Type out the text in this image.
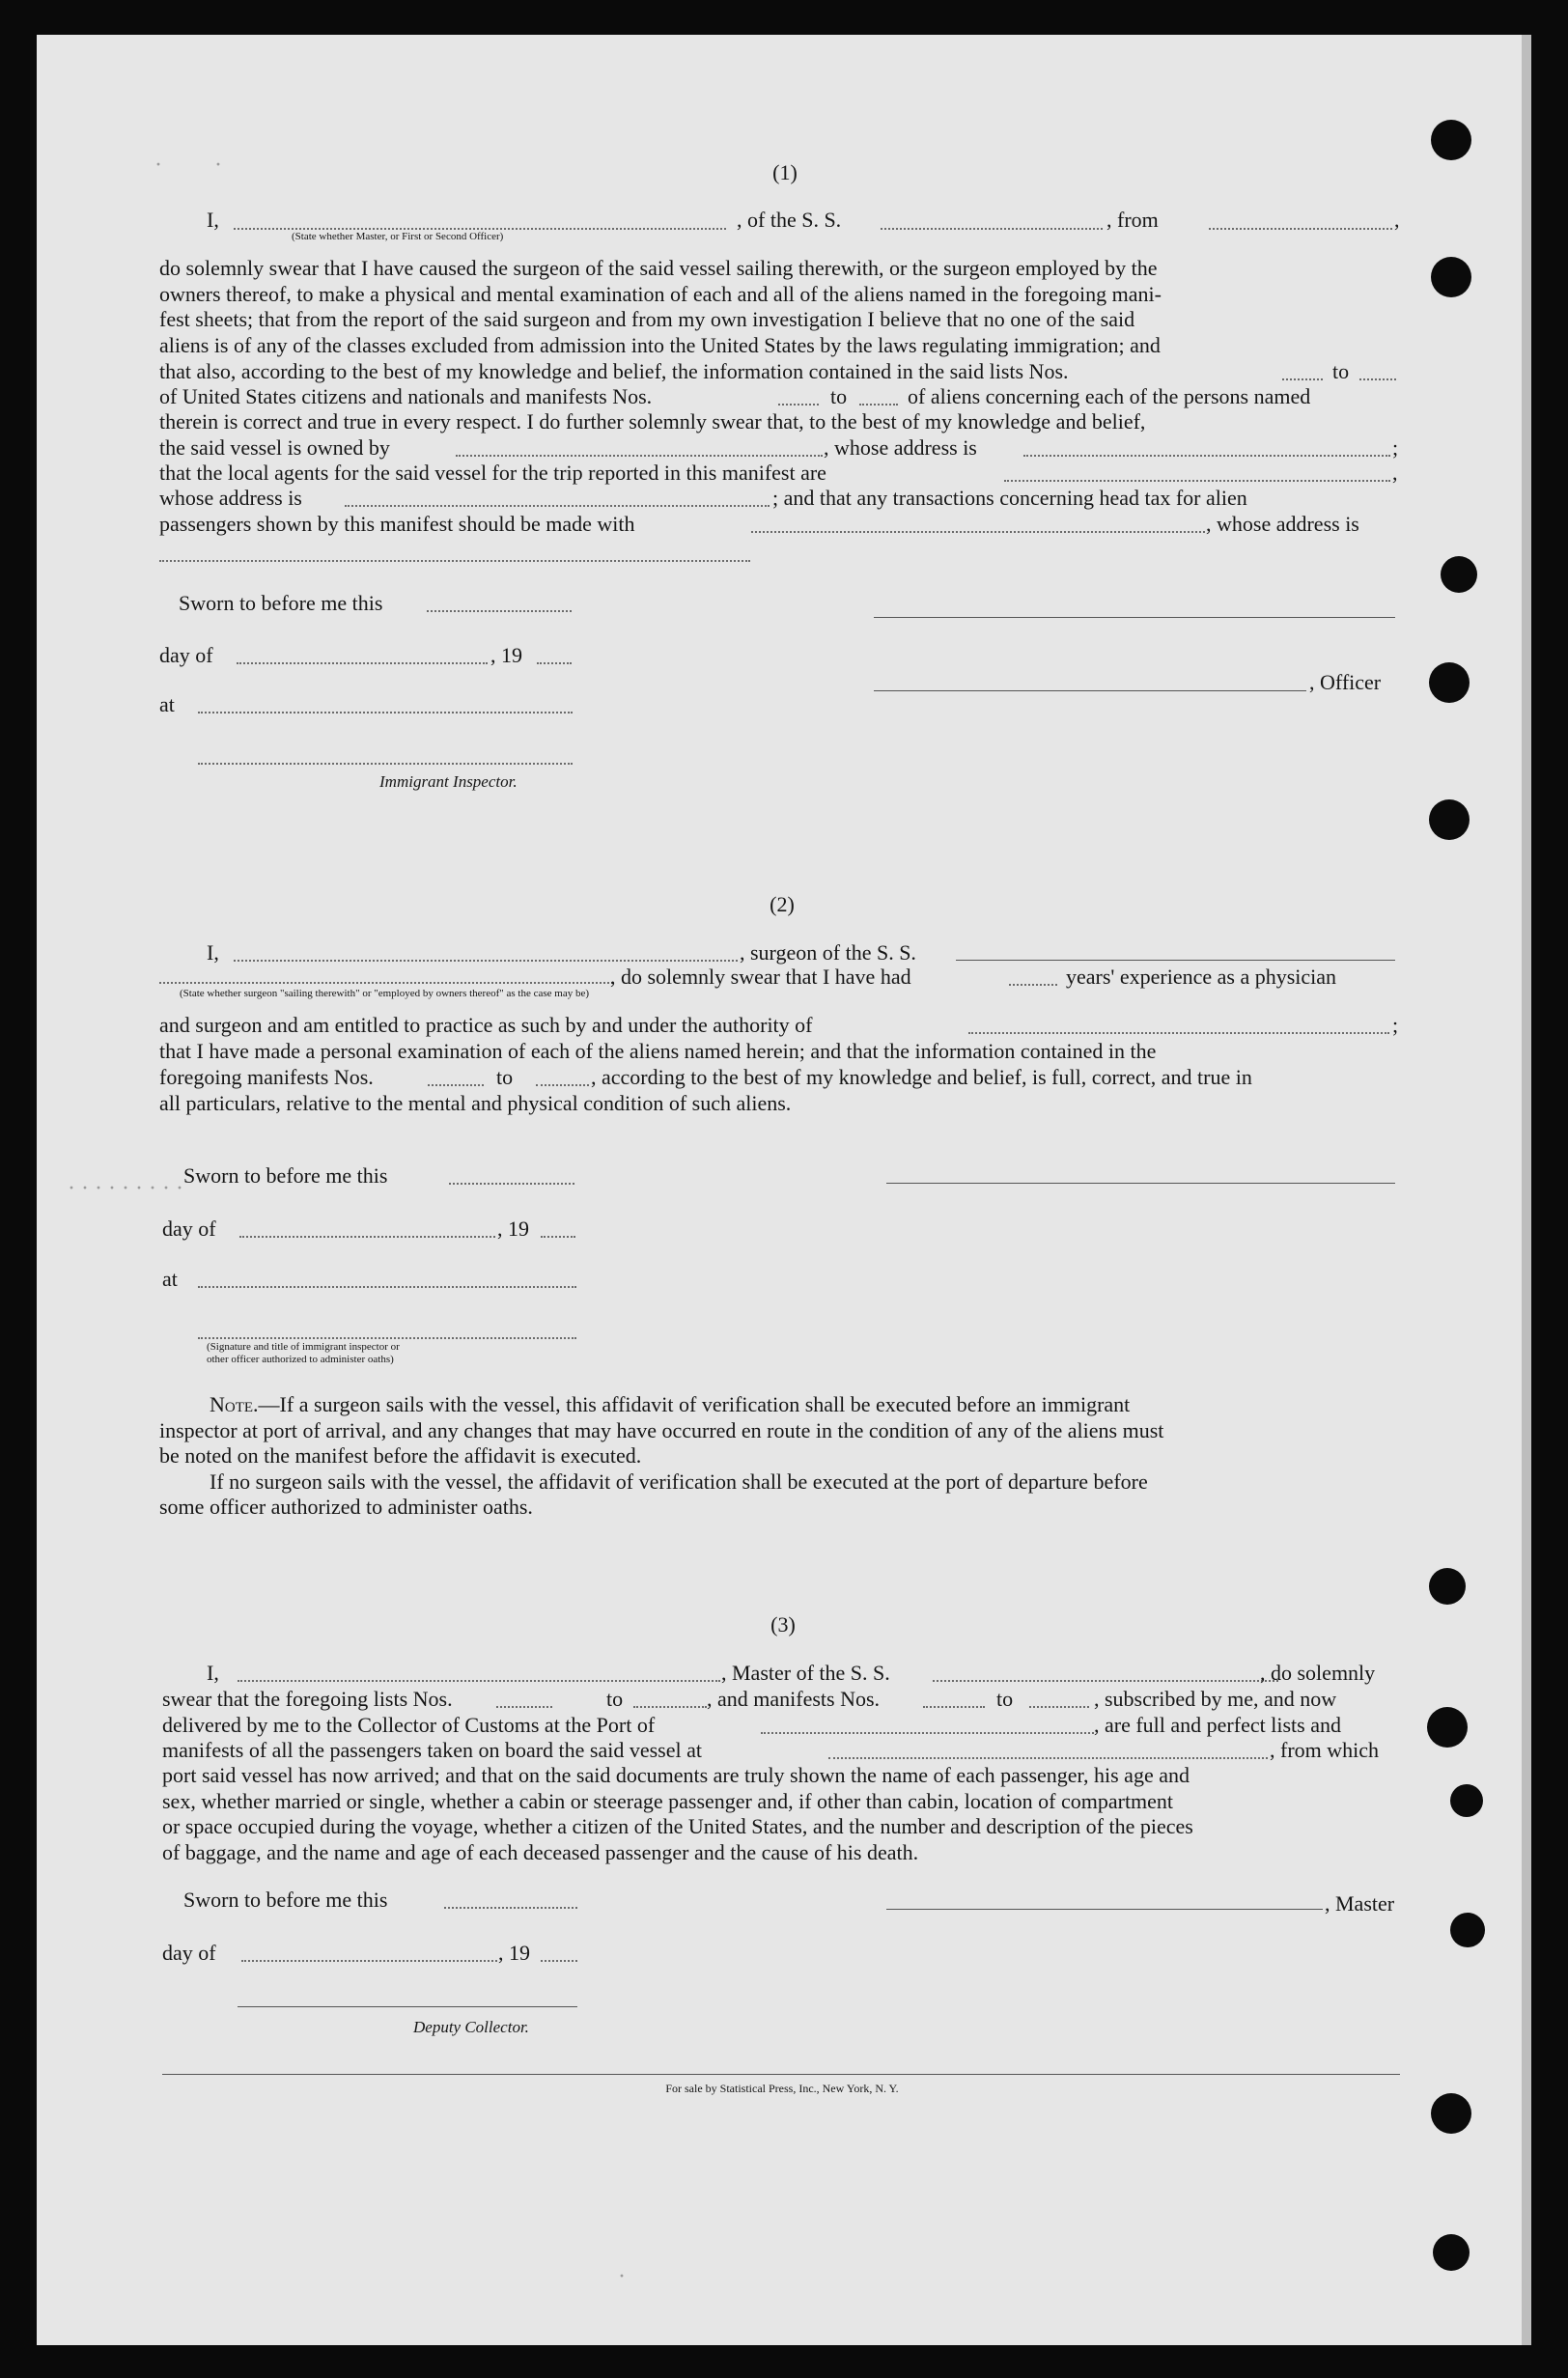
·         ·
·
· · · · · · · · ·
(1)
I,	, of the S. S.	, from	,
(State whether Master, or First or Second Officer)
do solemnly swear that I have caused the surgeon of the said vessel sailing therewith, or the surgeon employed by the
owners thereof, to make a physical and mental examination of each and all of the aliens named in the foregoing mani-
fest sheets; that from the report of the said surgeon and from my own investigation I believe that no one of the said
aliens is of any of the classes excluded from admission into the United States by the laws regulating immigration; and
that also, according to the best of my knowledge and belief, the information contained in the said lists Nos.	to
of United States citizens and nationals and manifests Nos.	to	of aliens concerning each of the persons named
therein is correct and true in every respect. I do further solemnly swear that, to the best of my knowledge and belief,
the said vessel is owned by	, whose address is	;
that the local agents for the said vessel for the trip reported in this manifest are	,
whose address is	; and that any transactions concerning head tax for alien
passengers shown by this manifest should be made with	, whose address is
Sworn to before me this
day of	, 19
, Officer
at
Immigrant Inspector.
(2)
I,	, surgeon of the S. S.
, do solemnly swear that I have had	years' experience as a physician
(State whether surgeon "sailing therewith" or "employed by owners thereof" as the case may be)
and surgeon and am entitled to practice as such by and under the authority of	;
that I have made a personal examination of each of the aliens named herein; and that the information contained in the
foregoing manifests Nos.	to	, according to the best of my knowledge and belief, is full, correct, and true in
all particulars, relative to the mental and physical condition of such aliens.
Sworn to before me this
day of	, 19
at
(Signature and title of immigrant inspector or
other officer authorized to administer oaths)
Note.—If a surgeon sails with the vessel, this affidavit of verification shall be executed before an immigrant
inspector at port of arrival, and any changes that may have occurred en route in the condition of any of the aliens must
be noted on the manifest before the affidavit is executed.
If no surgeon sails with the vessel, the affidavit of verification shall be executed at the port of departure before
some officer authorized to administer oaths.
(3)
I,	, Master of the S. S.	, do solemnly
swear that the foregoing lists Nos.	to	, and manifests Nos.	to	, subscribed by me, and now
delivered by me to the Collector of Customs at the Port of	, are full and perfect lists and
manifests of all the passengers taken on board the said vessel at	, from which
port said vessel has now arrived; and that on the said documents are truly shown the name of each passenger, his age and
sex, whether married or single, whether a cabin or steerage passenger and, if other than cabin, location of compartment
or space occupied during the voyage, whether a citizen of the United States, and the number and description of the pieces
of baggage, and the name and age of each deceased passenger and the cause of his death.
Sworn to before me this	, Master
day of	, 19
Deputy Collector.
For sale by Statistical Press, Inc., New York, N. Y.
